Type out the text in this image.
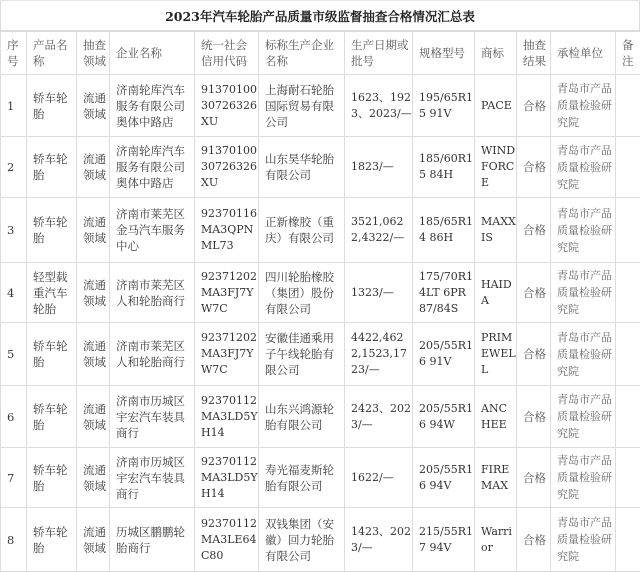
2023年汽车轮胎产品质量市级监督抽查合格情况汇总表
序号	产品名称	抽查领域	企业名称	统一社会信用代码	标称生产企业名称	生产日期或批号	规格型号	商标	抽查结果	承检单位	备注
1	轿车轮胎	流通领域	济南轮库汽车服务有限公司奥体中路店	9137010030726326XU	上海耐石轮胎国际贸易有限公司	1623、1923、2023/—	195/65R15 91V	PACE	合格	青岛市产品质量检验研究院	
2	轿车轮胎	流通领域	济南轮库汽车服务有限公司奥体中路店	9137010030726326XU	山东昊华轮胎有限公司	1823/—	185/60R15 84H	WINDFORCE	合格	青岛市产品质量检验研究院	
3	轿车轮胎	流通领域	济南市莱芜区金马汽车服务中心	92370116MA3QPNML73	正新橡胶（重庆）有限公司	3521,0622,4322/—	185/65R14 86H	MAXXIS	合格	青岛市产品质量检验研究院	
4	轻型载重汽车轮胎	流通领域	济南市莱芜区人和轮胎商行	92371202MA3FJ7YW7C	四川轮胎橡胶（集团）股份有限公司	1323/—	175/70R14LT 6PR 87/84S	HAIDA	合格	青岛市产品质量检验研究院	
5	轿车轮胎	流通领域	济南市莱芜区人和轮胎商行	92371202MA3FJ7YW7C	安徽佳通乘用子午线轮胎有限公司	4422,4622,1523,1723/—	205/55R16 91V	PRIMEWELL	合格	青岛市产品质量检验研究院	
6	轿车轮胎	流通领域	济南市历城区宇宏汽车装具商行	92370112MA3LD5YH14	山东兴鸿源轮胎有限公司	2423、2023/—	205/55R16 94W	ANCHEE	合格	青岛市产品质量检验研究院	
7	轿车轮胎	流通领域	济南市历城区宇宏汽车装具商行	92370112MA3LD5YH14	寿光福麦斯轮胎有限公司	1622/—	205/55R16 94V	FIREMAX	合格	青岛市产品质量检验研究院	
8	轿车轮胎	流通领域	历城区鹏鹏轮胎商行	92370112MA3LE64C80	双钱集团（安徽）回力轮胎有限公司	1423、2023/—	215/55R17 94V	Warrior	合格	青岛市产品质量检验研究院	
